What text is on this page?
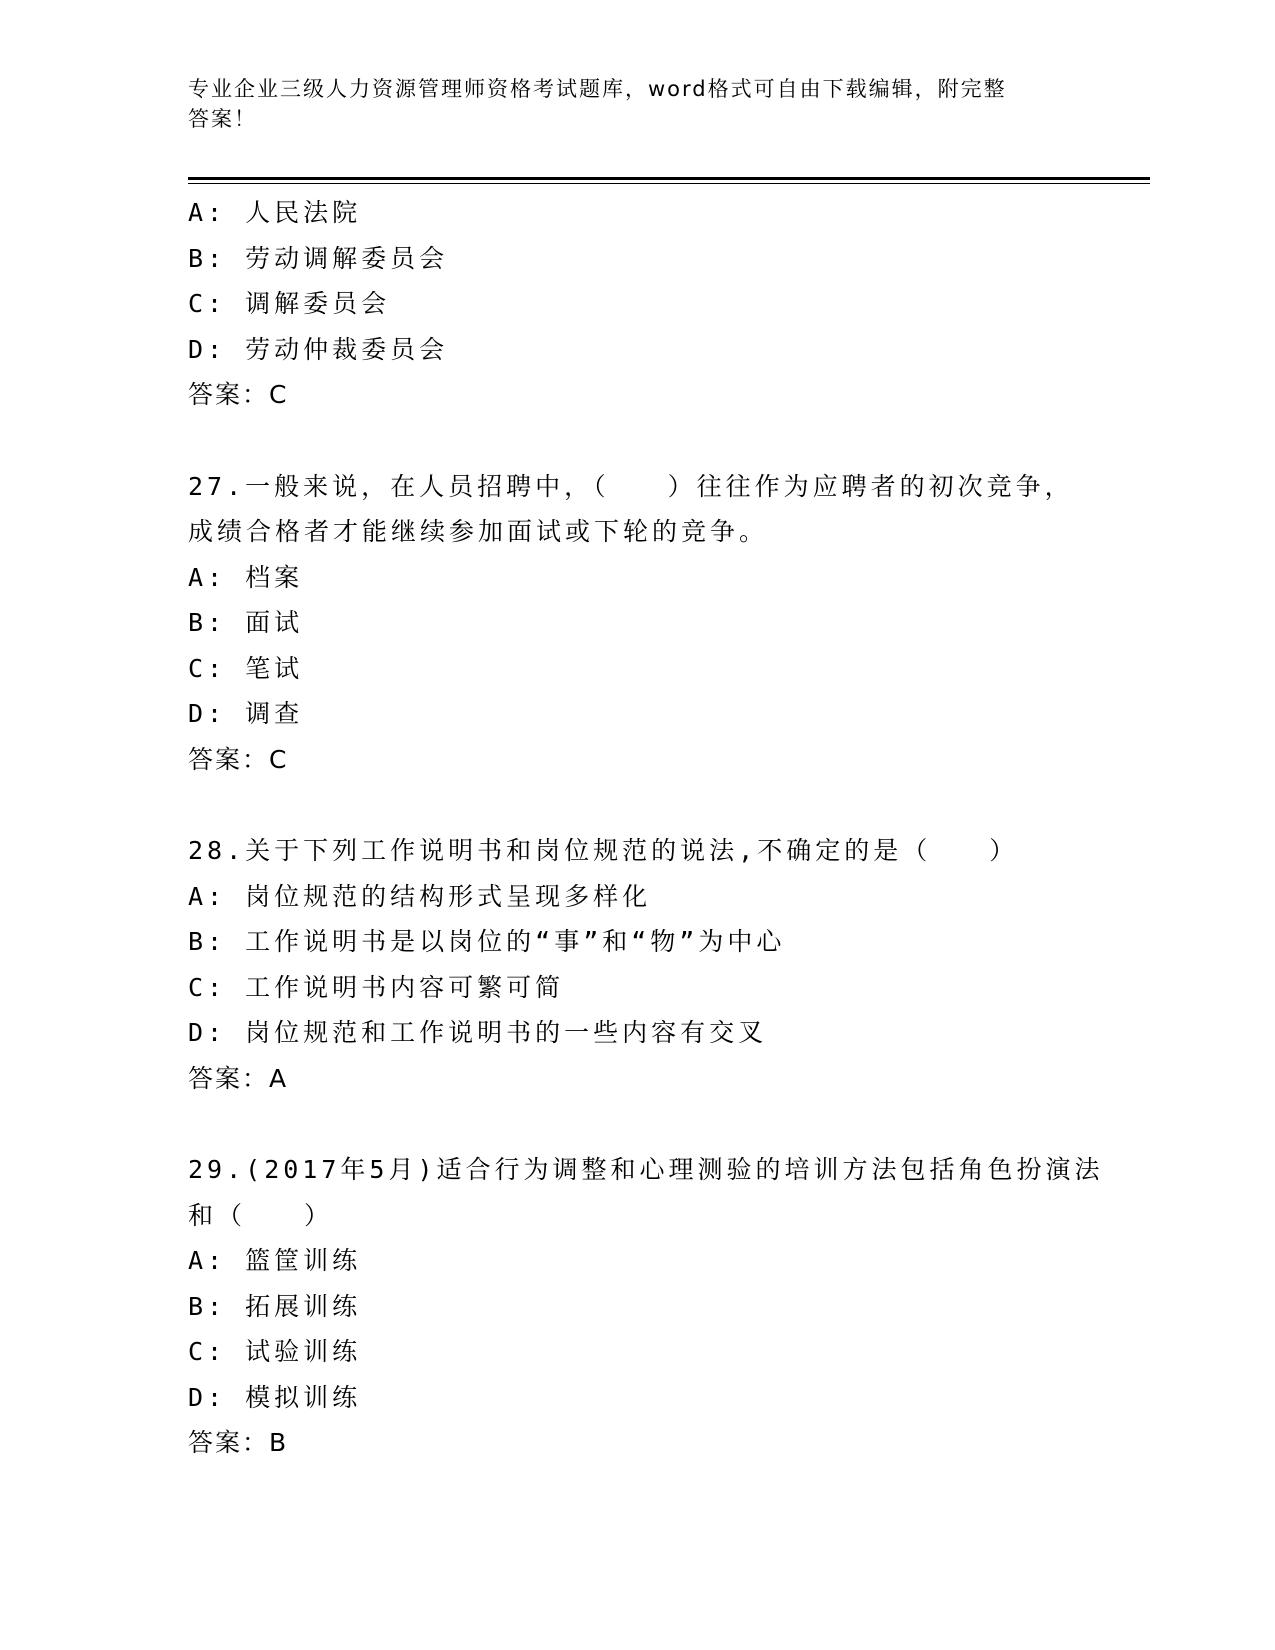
专业企业三级人力资源管理师资格考试题库，word格式可自由下载编辑，附完整
答案！
A: 人民法院
B: 劳动调解委员会
C: 调解委员会
D: 劳动仲裁委员会
答案：C
27.一般来说，在人员招聘中，（　　）往往作为应聘者的初次竞争，
成绩合格者才能继续参加面试或下轮的竞争。
A: 档案
B: 面试
C: 笔试
D: 调查
答案：C
28.关于下列工作说明书和岗位规范的说法,不确定的是（　　）
A: 岗位规范的结构形式呈现多样化
B: 工作说明书是以岗位的“事”和“物”为中心
C: 工作说明书内容可繁可简
D: 岗位规范和工作说明书的一些内容有交叉
答案：A
29.(2017年5月)适合行为调整和心理测验的培训方法包括角色扮演法
和（　　）
A: 篮筐训练
B: 拓展训练
C: 试验训练
D: 模拟训练
答案：B
